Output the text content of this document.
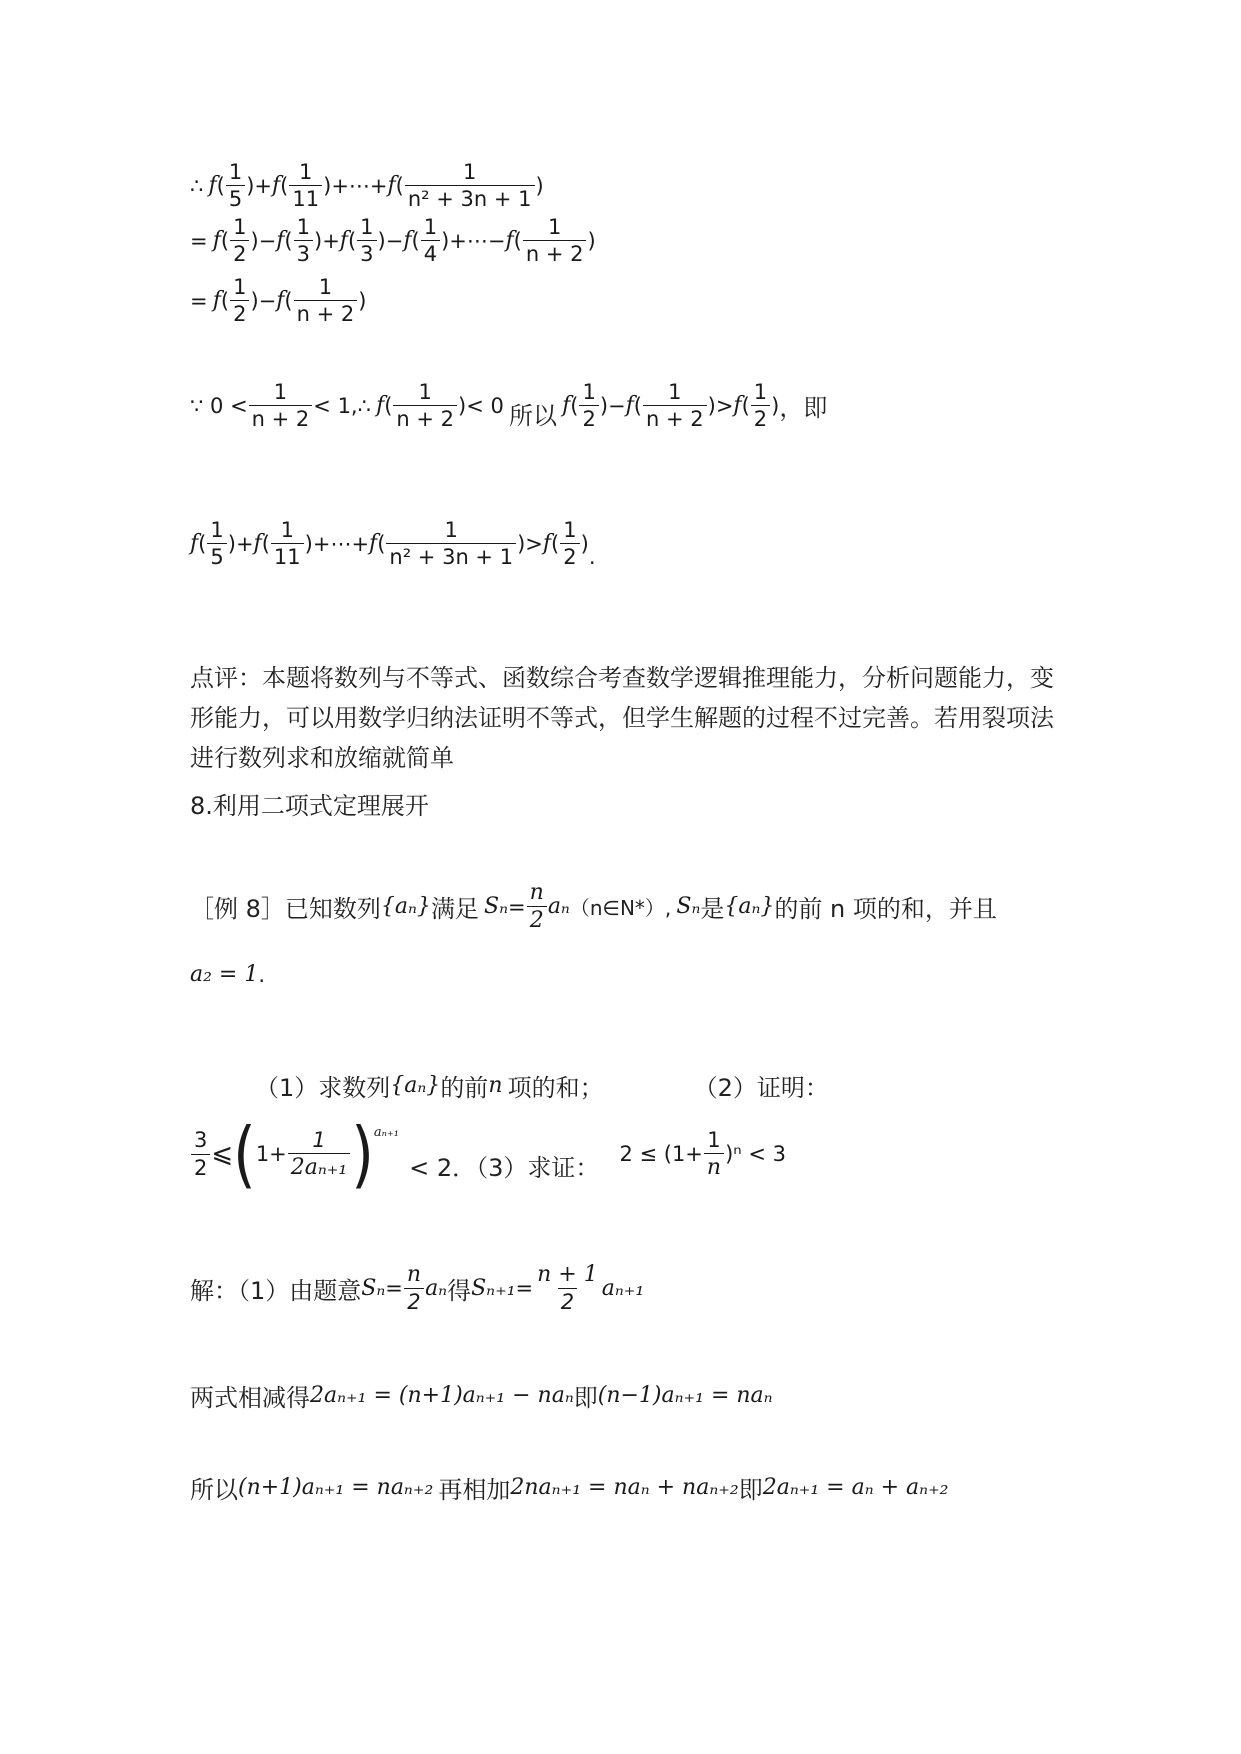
∴
f ( $\frac{1}{5}$ ) + f ( $\frac{1}{11}$ ) +⋯+ f ( $\frac{1}{\text{n² + 3n + 1}}$ )
=
f ( $\frac{1}{2}$ ) − f ( $\frac{1}{3}$ ) + f ( $\frac{1}{3}$ ) − f ( $\frac{1}{4}$ ) +⋯− f ( $\frac{1}{n + 2}$ )
=
f ( $\frac{1}{2}$ ) − f ( $\frac{1}{n + 2}$ )
∵ $0 < \frac{1}{n + 2}$ < 1,∴
f ( $\frac{1}{n + 2}$ ) < 0
所以
f ( $\frac{1}{2}$ ) − f ( $\frac{1}{n + 2}$ ) > f ( $\frac{1}{2}$ ) ，即
f ( $\frac{1}{5}$ ) + f ( $\frac{1}{11}$ ) +⋯+ f ( $\frac{1}{\text{n² + 3n + 1}}$ ) > f ( $\frac{1}{2}$ )
.
点评：本题将数列与不等式、函数综合考查数学逻辑推理能力，分析问题能力，变形能力，可以用数学归纳法证明不等式，但学生解题的过程不过完善。若用裂项法进行数列求和放缩就简单
8.利用二项式定理展开
［例 8］已知数列 {aₙ} 满足
$S_n = \frac{n}{2}$ aₙ （n∈N*）,
Sₙ 是 {aₙ} 的前 n 项的和，并且
a₂ = 1 .
（1）求数列 {aₙ} 的前 n
项的和；	（2）证明：
$\frac{3}{2}$ ⩽ ( $1+ \frac{1}{\text{2aₙ₊₁}}$ ) aₙ₊₁

< 2．（3）求证： $2 \le (1+ \frac{1}{n} )^n < 3$
解：（1）由题意 $S_n = \frac{n}{2}$ aₙ 得 $S_{n+1} = \frac{n + 1}{2} a_{n+1}$
两式相减得 2aₙ₊₁ = (n+1)aₙ₊₁ − naₙ 即 (n−1)aₙ₊₁ = naₙ
所以 (n+1)aₙ₊₁ = naₙ₊₂
再相加 2naₙ₊₁ = naₙ + naₙ₊₂ 即 2aₙ₊₁ = aₙ + aₙ₊₂
